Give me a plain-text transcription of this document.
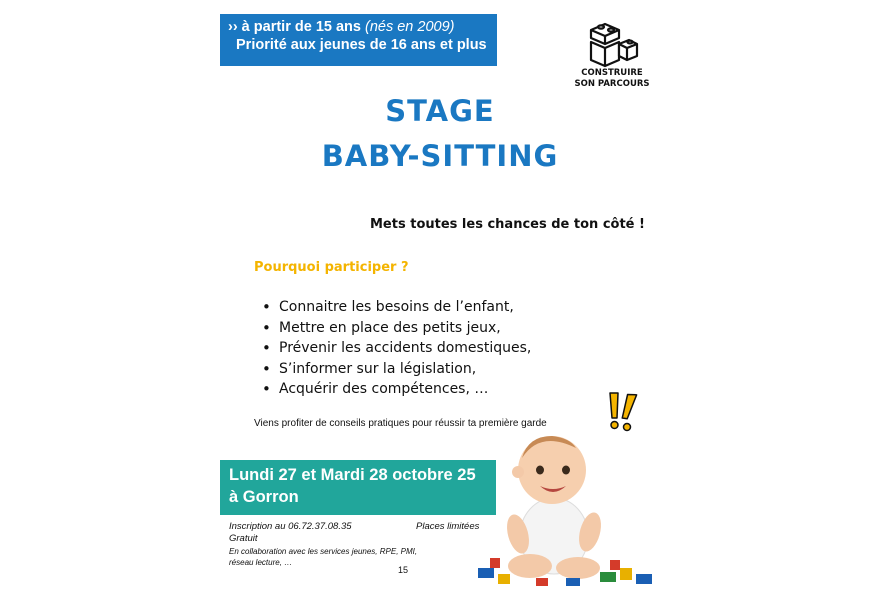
›› à partir de 15 ans (nés en 2009)
Priorité aux jeunes de 16 ans et plus
CONSTRUIRE
SON PARCOURS
STAGE
BABY-SITTING
Mets toutes les chances de ton côté !
Pourquoi participer ?
• Connaitre les besoins de l’enfant,
• Mettre en place des petits jeux,
• Prévenir les accidents domestiques,
• S’informer sur la législation,
• Acquérir des compétences, …
Viens profiter de conseils pratiques pour réussir ta première garde
Lundi 27 et Mardi 28 octobre 25
à Gorron
Inscription au 06.72.37.08.35
Gratuit
Places limitées
En collaboration avec les services jeunes, RPE, PMI,
réseau lecture, …
15
